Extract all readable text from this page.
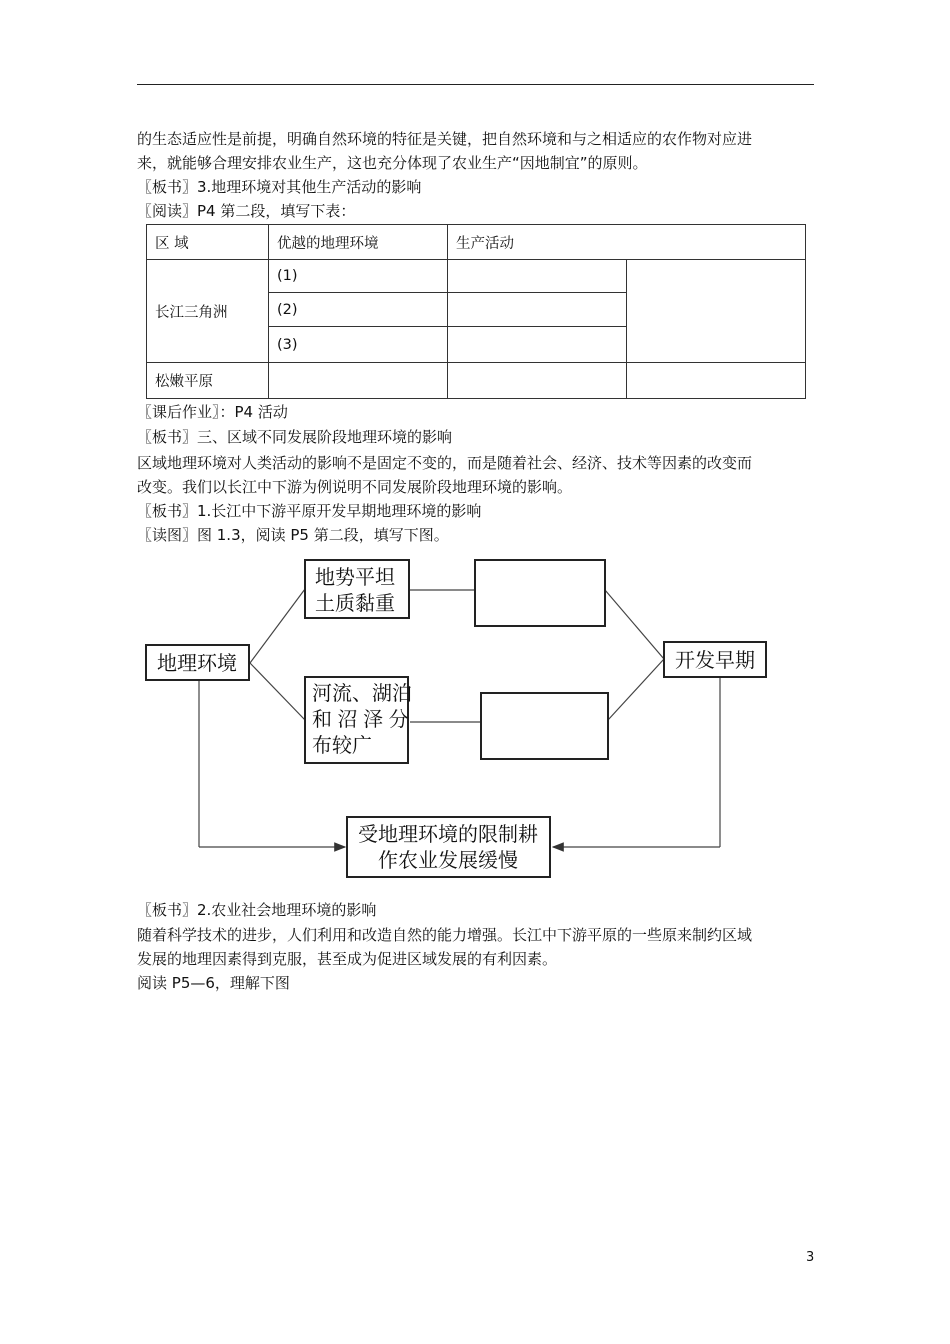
的生态适应性是前提，明确自然环境的特征是关键，把自然环境和与之相适应的农作物对应进
来，就能够合理安排农业生产，这也充分体现了农业生产“因地制宜”的原则。
〖板书〗3.地理环境对其他生产活动的影响
〖阅读〗P4 第二段，填写下表：
区 域	优越的地理环境	生产活动	
长江三角洲	(1)		
	(2)		
	(3)		
松嫩平原			
〖课后作业〗：P4 活动
〖板书〗三、区域不同发展阶段地理环境的影响
区域地理环境对人类活动的影响不是固定不变的，而是随着社会、经济、技术等因素的改变而
改变。我们以长江中下游为例说明不同发展阶段地理环境的影响。
〖板书〗1.长江中下游平原开发早期地理环境的影响
〖读图〗图 1.3，阅读 P5 第二段，填写下图。
地理环境
地势平坦
土质黏重
河流、湖泊
和 沼 泽 分
布较广
开发早期
受地理环境的限制耕
作农业发展缓慢
〖板书〗2.农业社会地理环境的影响
随着科学技术的进步，人们利用和改造自然的能力增强。长江中下游平原的一些原来制约区域
发展的地理因素得到克服，甚至成为促进区域发展的有利因素。
阅读 P5—6，理解下图
3
